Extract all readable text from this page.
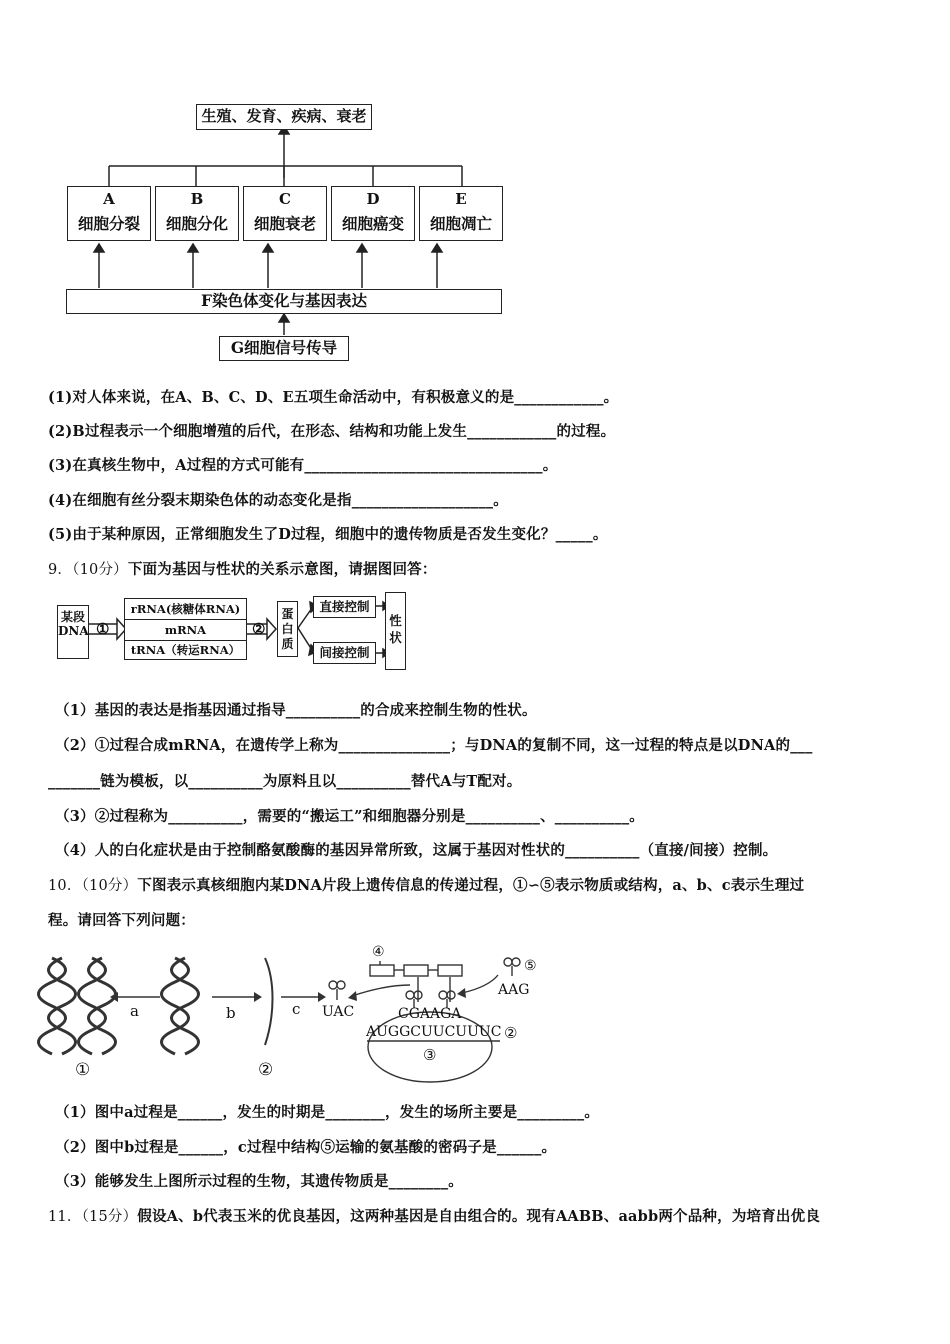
生殖、发育、疾病、衰老
A
细胞分裂
B
细胞分化
C
细胞衰老
D
细胞癌变
E
细胞凋亡
F染色体变化与基因表达
G细胞信号传导
(1)对人体来说，在A、B、C、D、E五项生命活动中，有积极意义的是____________。
(2)B过程表示一个细胞增殖的后代，在形态、结构和功能上发生____________的过程。
(3)在真核生物中，A过程的方式可能有________________________________。
(4)在细胞有丝分裂末期染色体的动态变化是指___________________。
(5)由于某种原因，正常细胞发生了D过程，细胞中的遗传物质是否发生变化？_____。
9．（10分）下面为基因与性状的关系示意图，请据图回答：
某段DNA ①
rRNA(核糖体RNA)
mRNA
tRNA（转运RNA）
②
蛋白质
直接控制
间接控制
性状
（1）基因的表达是指基因通过指导__________的合成来控制生物的性状。
（2）①过程合成mRNA，在遗传学上称为_______________；与DNA的复制不同，这一过程的特点是以DNA的___
_______链为模板，以__________为原料且以__________替代A与T配对。
（3）②过程称为__________，需要的“搬运工”和细胞器分别是__________、__________。
（4）人的白化症状是由于控制酪氨酸酶的基因异常所致，这属于基因对性状的__________（直接/间接）控制。
10．（10分）下图表示真核细胞内某DNA片段上遗传信息的传递过程，①∽⑤表示物质或结构，a、b、c表示生理过
程。请回答下列问题：
a	b	c
①	②
④
⑤
UAC	CGAAGA
AAG
AUGGCUUCUUUC ②
③
（1）图中a过程是______，发生的时期是________，发生的场所主要是_________。
（2）图中b过程是______，c过程中结构⑤运输的氨基酸的密码子是______。
（3）能够发生上图所示过程的生物，其遗传物质是________。
11．（15分）假设A、b代表玉米的优良基因，这两种基因是自由组合的。现有AABB、aabb两个品种，为培育出优良
